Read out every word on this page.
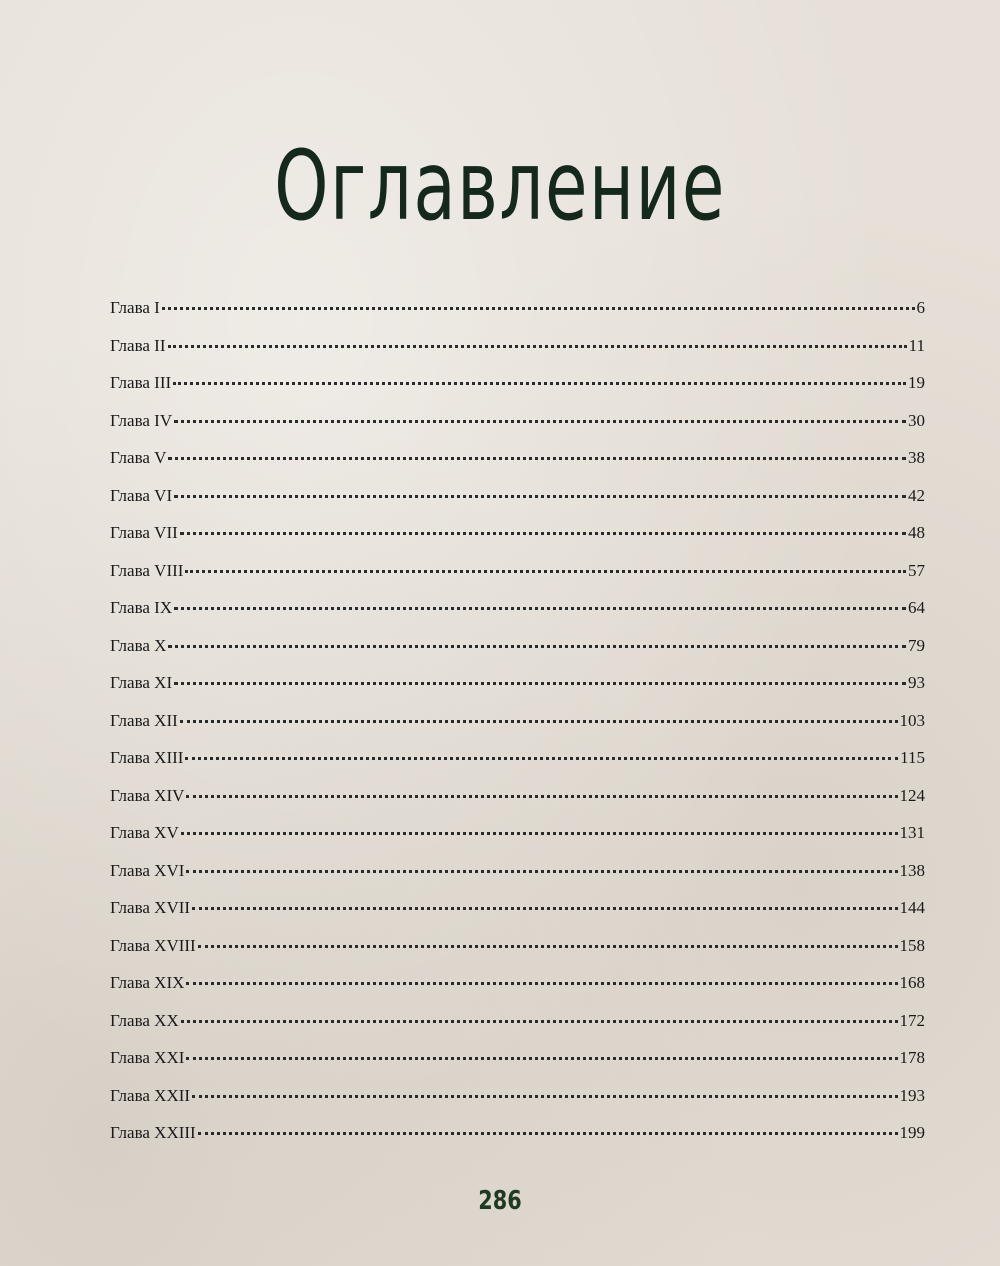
Оглавление
Глава I	6
Глава II	11
Глава III	19
Глава IV	30
Глава V	38
Глава VI	42
Глава VII	48
Глава VIII	57
Глава IX	64
Глава X	79
Глава XI	93
Глава XII	103
Глава XIII	115
Глава XIV	124
Глава XV	131
Глава XVI	138
Глава XVII	144
Глава XVIII	158
Глава XIX	168
Глава XX	172
Глава XXI	178
Глава XXII	193
Глава XXIII	199
286
